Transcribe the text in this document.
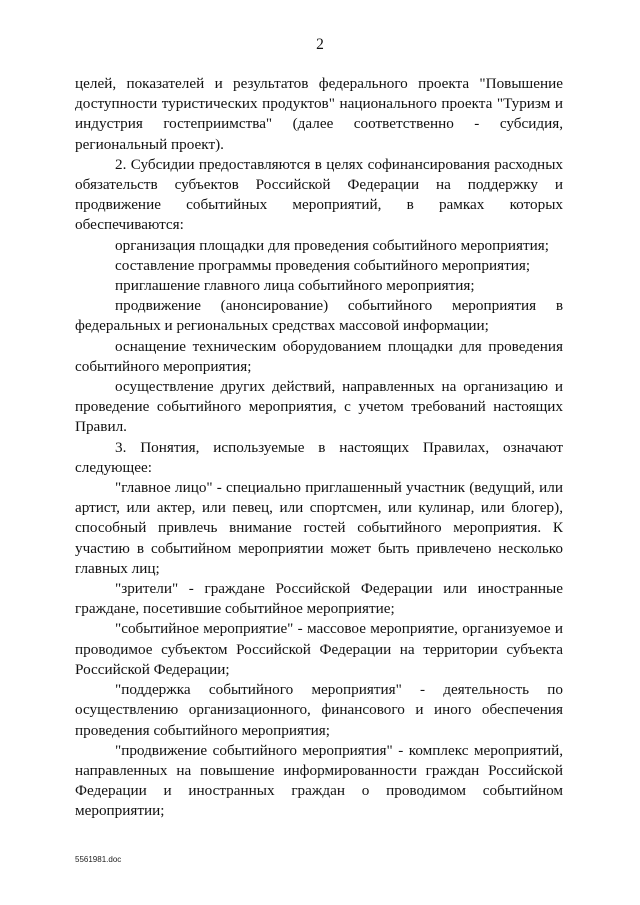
2

целей, показателей и результатов федерального проекта "Повышение доступности туристических продуктов" национального проекта "Туризм и индустрия гостеприимства" (далее соответственно - субсидия, региональный проект).

2. Субсидии предоставляются в целях софинансирования расходных обязательств субъектов Российской Федерации на поддержку и продвижение событийных мероприятий, в рамках которых обеспечиваются:

организация площадки для проведения событийного мероприятия;

составление программы проведения событийного мероприятия;

приглашение главного лица событийного мероприятия;

продвижение (анонсирование) событийного мероприятия в федеральных и региональных средствах массовой информации;

оснащение техническим оборудованием площадки для проведения событийного мероприятия;

осуществление других действий, направленных на организацию и проведение событийного мероприятия, с учетом требований настоящих Правил.

3. Понятия, используемые в настоящих Правилах, означают следующее:

"главное лицо" - специально приглашенный участник (ведущий, или артист, или актер, или певец, или спортсмен, или кулинар, или блогер), способный привлечь внимание гостей событийного мероприятия. К участию в событийном мероприятии может быть привлечено несколько главных лиц;

"зрители" - граждане Российской Федерации или иностранные граждане, посетившие событийное мероприятие;

"событийное мероприятие" - массовое мероприятие, организуемое и проводимое субъектом Российской Федерации на территории субъекта Российской Федерации;

"поддержка событийного мероприятия" - деятельность по осуществлению организационного, финансового и иного обеспечения проведения событийного мероприятия;

"продвижение событийного мероприятия" - комплекс мероприятий, направленных на повышение информированности граждан Российской Федерации и иностранных граждан о проводимом событийном мероприятии;

5561981.doc
